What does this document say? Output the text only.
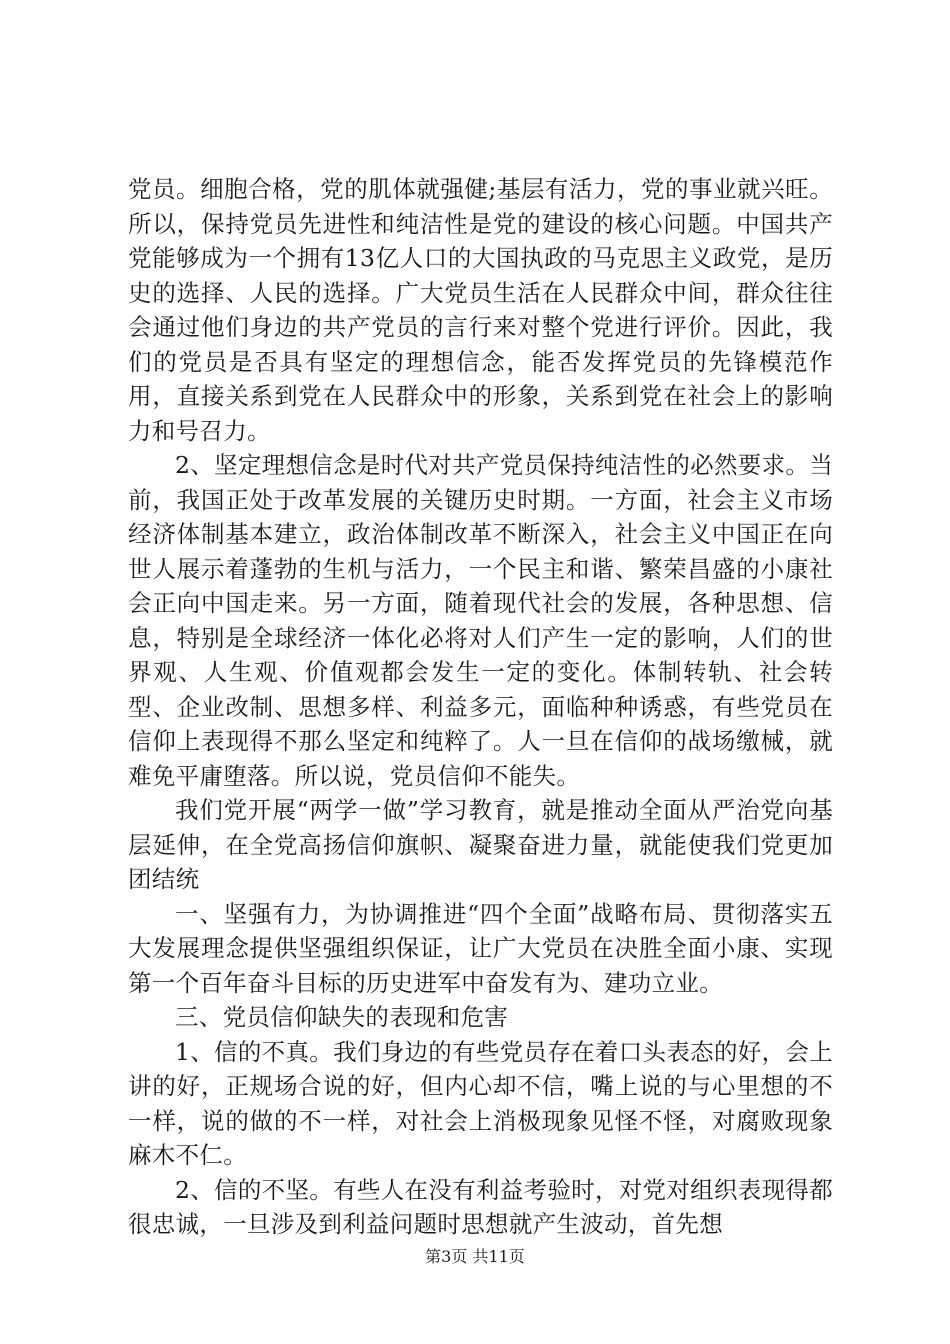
党员。细胞合格，党的肌体就强健;基层有活力，党的事业就兴旺。所以，保持党员先进性和纯洁性是党的建设的核心问题。中国共产党能够成为一个拥有13亿人口的大国执政的马克思主义政党，是历史的选择、人民的选择。广大党员生活在人民群众中间，群众往往会通过他们身边的共产党员的言行来对整个党进行评价。因此，我们的党员是否具有坚定的理想信念，能否发挥党员的先锋模范作用，直接关系到党在人民群众中的形象，关系到党在社会上的影响力和号召力。

2、坚定理想信念是时代对共产党员保持纯洁性的必然要求。当前，我国正处于改革发展的关键历史时期。一方面，社会主义市场经济体制基本建立，政治体制改革不断深入，社会主义中国正在向世人展示着蓬勃的生机与活力，一个民主和谐、繁荣昌盛的小康社会正向中国走来。另一方面，随着现代社会的发展，各种思想、信息，特别是全球经济一体化必将对人们产生一定的影响，人们的世界观、人生观、价值观都会发生一定的变化。体制转轨、社会转型、企业改制、思想多样、利益多元，面临种种诱惑，有些党员在信仰上表现得不那么坚定和纯粹了。人一旦在信仰的战场缴械，就难免平庸堕落。所以说，党员信仰不能失。

我们党开展“两学一做”学习教育，就是推动全面从严治党向基层延伸，在全党高扬信仰旗帜、凝聚奋进力量，就能使我们党更加团结统

一、坚强有力，为协调推进“四个全面”战略布局、贯彻落实五大发展理念提供坚强组织保证，让广大党员在决胜全面小康、实现第一个百年奋斗目标的历史进军中奋发有为、建功立业。

三、党员信仰缺失的表现和危害

1、信的不真。我们身边的有些党员存在着口头表态的好，会上讲的好，正规场合说的好，但内心却不信，嘴上说的与心里想的不一样，说的做的不一样，对社会上消极现象见怪不怪，对腐败现象麻木不仁。

2、信的不坚。有些人在没有利益考验时，对党对组织表现得都很忠诚，一旦涉及到利益问题时思想就产生波动，首先想

第3页 共11页
